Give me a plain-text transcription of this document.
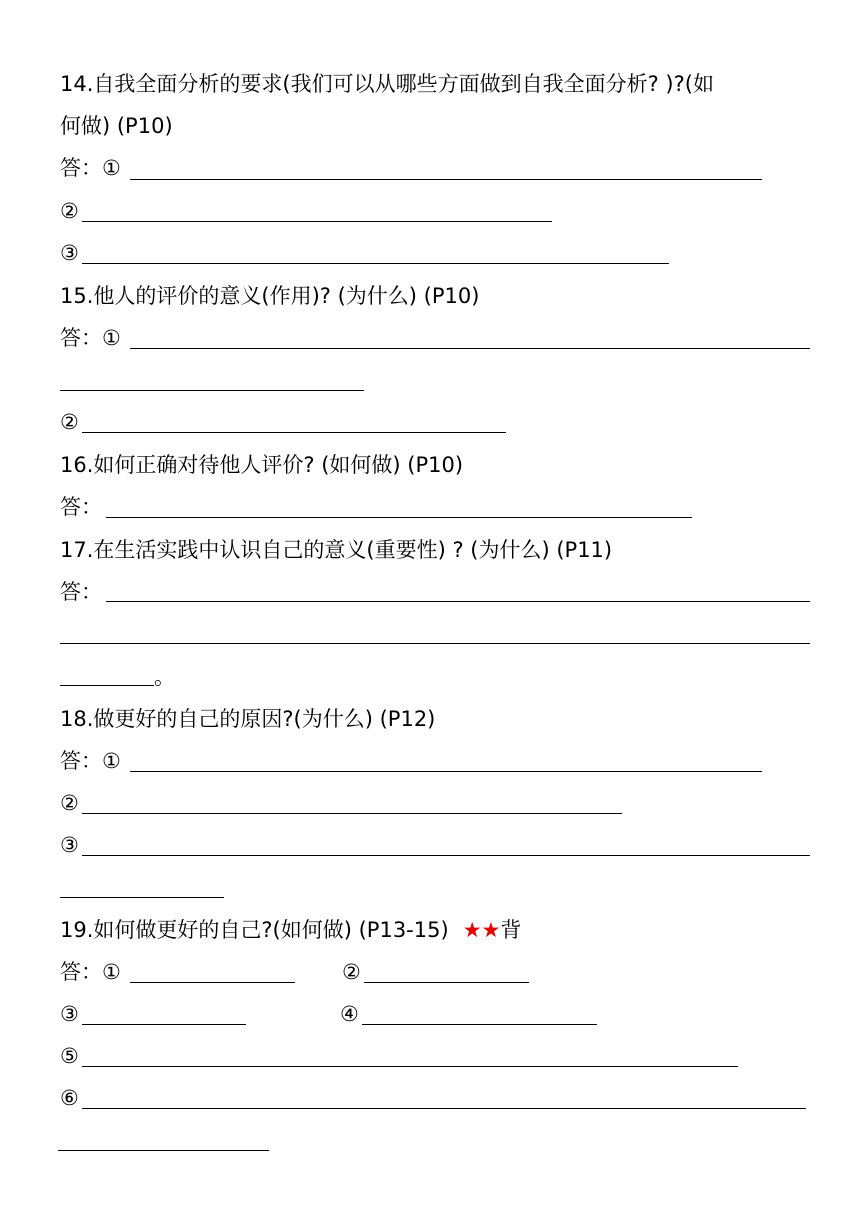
14.自我全面分析的要求(我们可以从哪些方面做到自我全面分析? )?(如
何做) (P10)
答：①
②
③
15.他人的评价的意义(作用)? (为什么) (P10)
答：①
②
16.如何正确对待他人评价? (如何做) (P10)
答：
17.在生活实践中认识自己的意义(重要性) ? (为什么) (P11)
答：
。
18.做更好的自己的原因?(为什么) (P12)
答：①
②
③
19.如何做更好的自己?(如何做) (P13-15) ★★背
答：①	②
③	④
⑤
⑥
